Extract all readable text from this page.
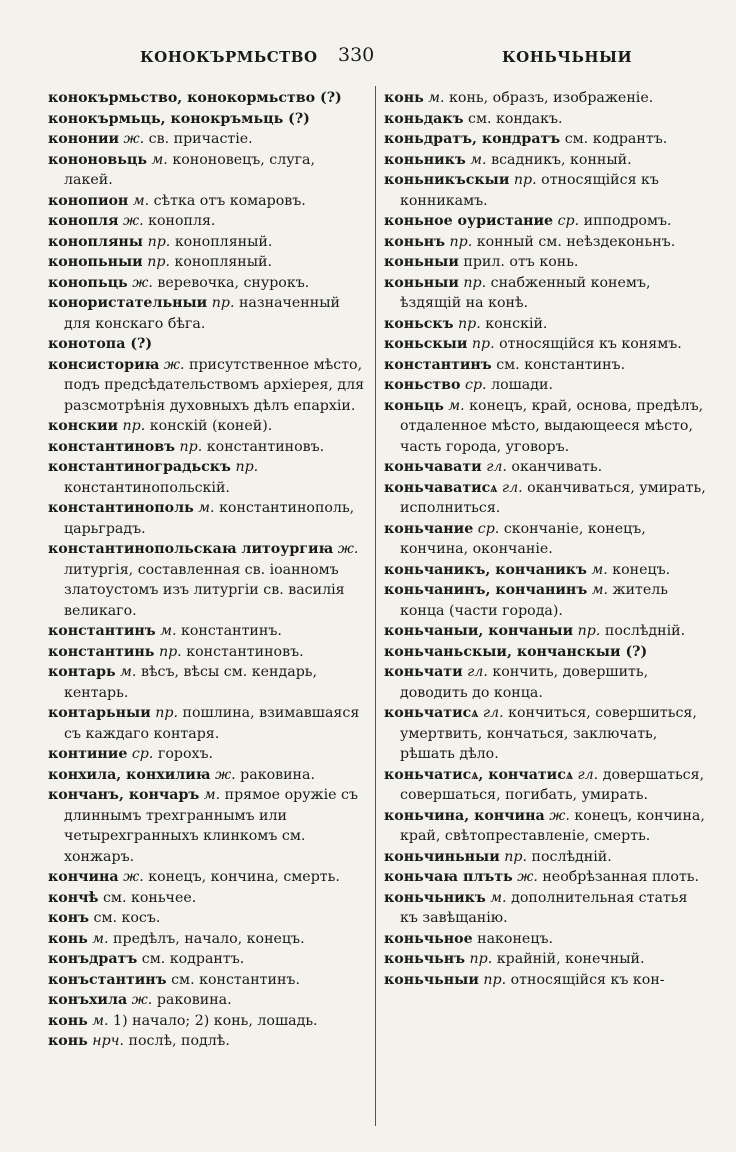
КОНОКЪРМЬСТВО 330	КОНЬЧЬНЫИ

кoнокърмьство, конокормьство (?)

конокърмьць, конокръмьць (?)

кононии ж. св. причастіе.

кононовьць м. кононовецъ, слуга, лакей.

конопион м. сѣтка отъ комаровъ.

конопля ж. конопля.

конопляны пр. конопляный.

конопьныи пр. конопляный.

конопьць ж. веревочка, снурокъ.

конористательныи пр. назначенный для конскаго бѣга.

конотопа (?)

консисториꙗ ж. присутственное мѣсто, подъ предсѣдательствомъ архіерея, для разсмотрѣнія духовныхъ дѣлъ епархіи.

конскии пр. конскій (коней).

константиновъ пр. константиновъ.

константиноградьскъ пр. константинопольскій.

константинополь м. константинополь, царьградъ.

константинопольскаꙗ литоургиꙗ ж. литургія, составленная св. іоанномъ златоустомъ изъ литургіи св. василія великаго.

константинъ м. константинъ.

константинь пр. константиновъ.

контарь м. вѣсъ, вѣсы см. кендарь, кентарь.

контарьныи пр. пошлина, взимавшаяся съ каждаго контаря.

континие ср. горохъ.

конхила, конхилиꙗ ж. раковина.

кончанъ, кончаръ м. прямое оружіе съ длиннымъ трехграннымъ или четырехгранныхъ клинкомъ см. хонжаръ.

кончина ж. конецъ, кончина, смерть.

кончѣ см. коньчее.

конъ см. косъ.

конь м. предѣлъ, начало, конецъ.

конъдратъ см. кодрантъ.

конъстантинъ см. константинъ.

конъхила ж. раковина.

конь м. 1) начало; 2) конь, лошадь.

конь нрч. послѣ, подлѣ.

конь м. конь, образъ, изображеніе.

коньдакъ см. кондакъ.

коньдратъ, кондратъ см. кодрантъ.

коньникъ м. всадникъ, конный.

коньникъскыи пр. относящійся къ конникамъ.

коньное оуристание ср. ипподромъ.

коньнъ пр. конный см. неѣздеконьнъ.

коньныи прил. отъ конь.

коньныи пр. снабженный конемъ, ѣздящій на конѣ.

коньскъ пр. конскій.

коньскыи пр. относящійся къ конямъ.

констaнтинъ см. константинъ.

коньство ср. лошади.

коньць м. конецъ, край, основа, предѣлъ, отдаленное мѣсто, выдающееся мѣсто, часть города, уговоръ.

коньчавати гл. оканчивать.

коньчаватисѧ гл. оканчиваться, умирать, исполниться.

коньчание ср. скончаніе, конецъ, кончина, окончаніе.

коньчаникъ, кончаникъ м. конецъ.

коньчанинъ, кончанинъ м. житель конца (части города).

коньчаныи, кончаныи пр. послѣдній.

коньчаньскыи, кончанскыи (?)

коньчати гл. кончить, довершить, доводить до конца.

коньчатисѧ гл. кончиться, совершиться, умертвить, кончаться, заключать, рѣшать дѣло.

коньчатисѧ, кончатисѧ гл. довершаться, совершаться, погибать, умирать.

коньчина, кончина ж. конецъ, кончина, край, свѣтопреставленіе, смерть.

коньчиньныи пр. послѣдній.

коньчаꙗ плъть ж. необрѣзанная плоть.

коньчьникъ м. дополнительная статья къ завѣщанію.

коньчьное наконецъ.

коньчьнъ пр. крайній, конечный.

коньчьныи пр. относящійся къ кон-
